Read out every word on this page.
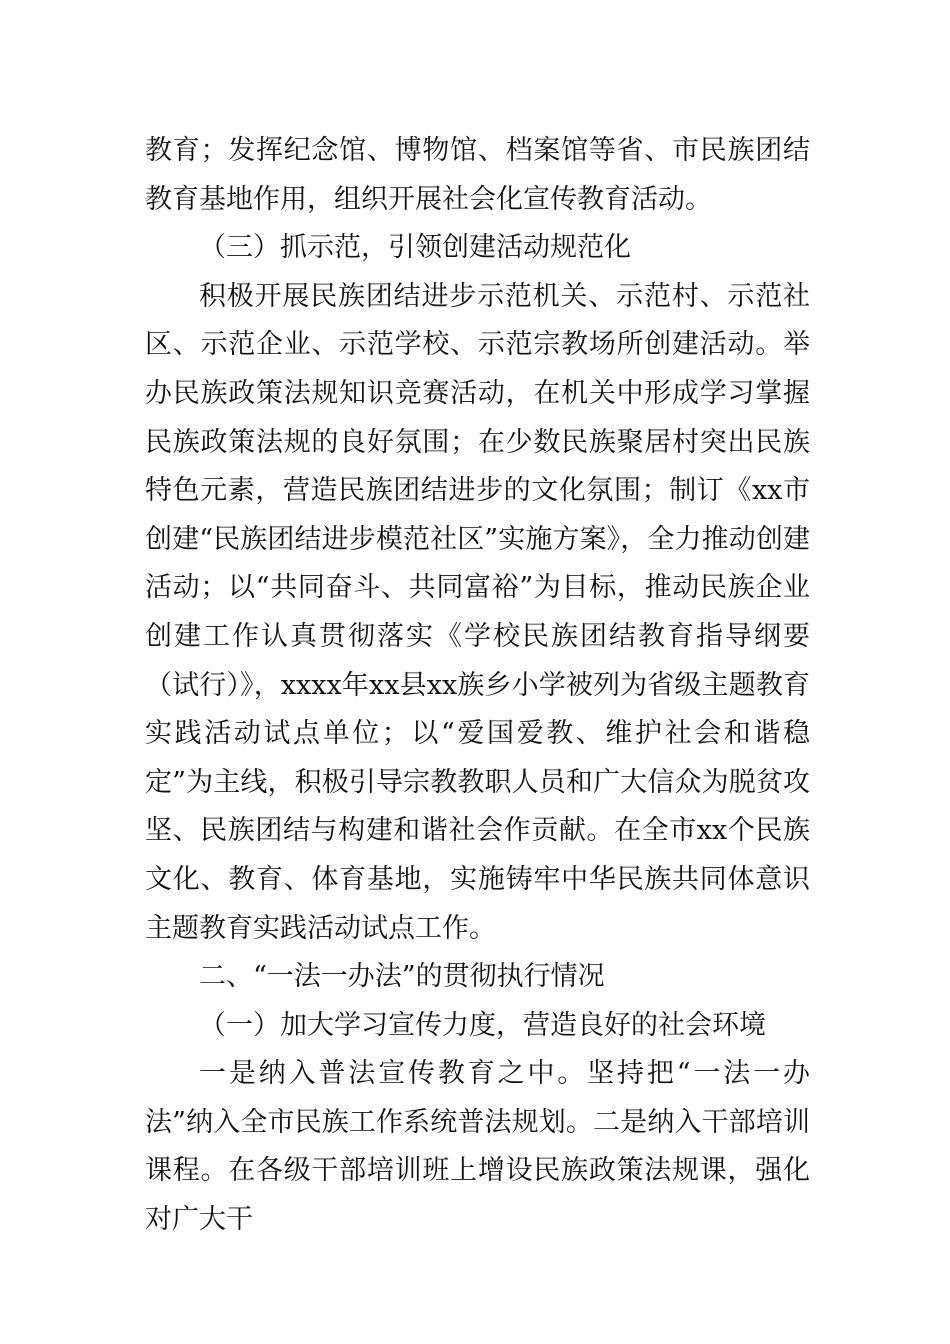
教育；发挥纪念馆、博物馆、档案馆等省、市民族团结教育基地作用，组织开展社会化宣传教育活动。

（三）抓示范，引领创建活动规范化

积极开展民族团结进步示范机关、示范村、示范社区、示范企业、示范学校、示范宗教场所创建活动。举办民族政策法规知识竞赛活动，在机关中形成学习掌握民族政策法规的良好氛围；在少数民族聚居村突出民族特色元素，营造民族团结进步的文化氛围；制订《xx市创建“民族团结进步模范社区”实施方案》，全力推动创建活动；以“共同奋斗、共同富裕”为目标，推动民族企业创建工作认真贯彻落实《学校民族团结教育指导纲要（试行）》，xxxx年xx县xx族乡小学被列为省级主题教育实践活动试点单位；以“爱国爱教、维护社会和谐稳定”为主线，积极引导宗教教职人员和广大信众为脱贫攻坚、民族团结与构建和谐社会作贡献。在全市xx个民族文化、教育、体育基地，实施铸牢中华民族共同体意识主题教育实践活动试点工作。

二、“一法一办法”的贯彻执行情况

（一）加大学习宣传力度，营造良好的社会环境

一是纳入普法宣传教育之中。坚持把“一法一办法”纳入全市民族工作系统普法规划。二是纳入干部培训课程。在各级干部培训班上增设民族政策法规课，强化对广大干
